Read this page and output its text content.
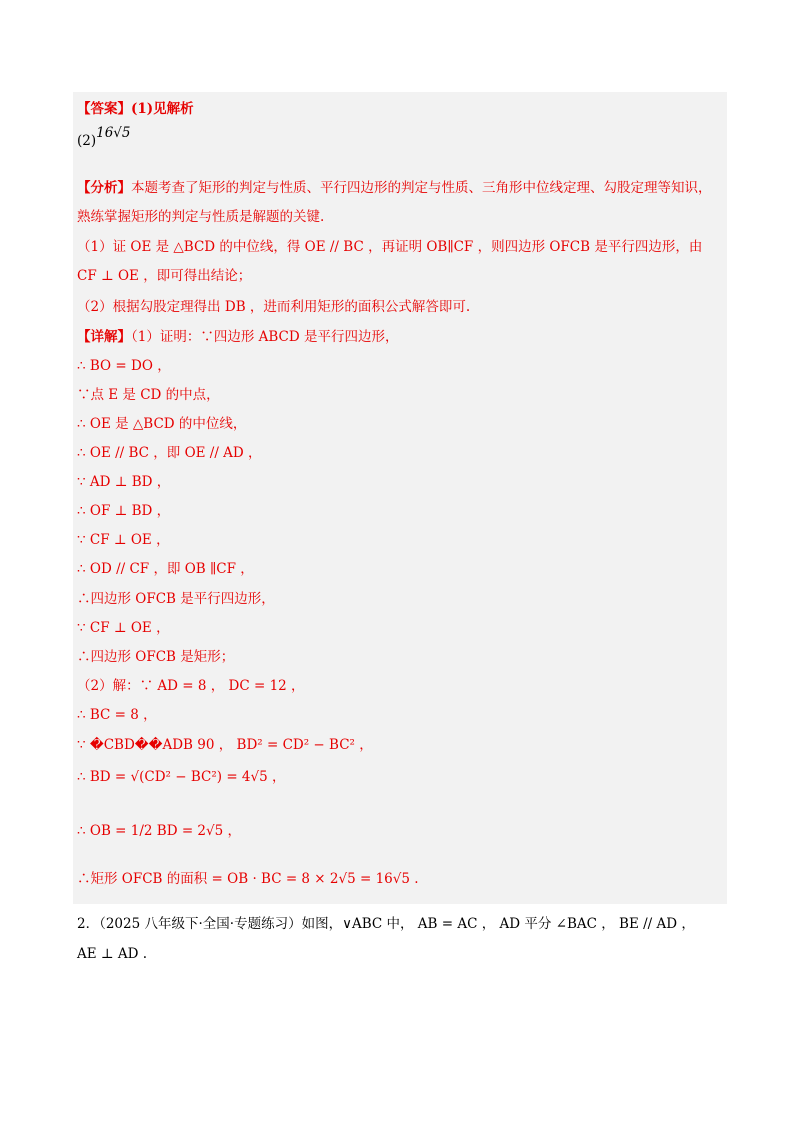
【答案】(1)见解析
(2)16√5
【分析】本题考查了矩形的判定与性质、平行四边形的判定与性质、三角形中位线定理、勾股定理等知识，
熟练掌握矩形的判定与性质是解题的关键.
（1）证 OE 是 △BCD 的中位线，得 OE // BC ，再证明 OB∥CF ，则四边形 OFCB 是平行四边形，由
CF ⊥ OE ，即可得出结论；
（2）根据勾股定理得出 DB ，进而利用矩形的面积公式解答即可.
【详解】（1）证明：∵四边形 ABCD 是平行四边形，
∴ BO = DO ，
∵点 E 是 CD 的中点，
∴ OE 是 △BCD 的中位线，
∴ OE // BC ，即 OE // AD ，
∵ AD ⊥ BD ，
∴ OF ⊥ BD ，
∵ CF ⊥ OE ，
∴ OD // CF ，即 OB ∥CF ，
∴四边形 OFCB 是平行四边形，
∵ CF ⊥ OE ，
∴四边形 OFCB 是矩形；
（2）解：∵ AD = 8 ， DC = 12 ，
∴ BC = 8 ，
∵ �CBD��ADB 90 ， BD² = CD² − BC² ，
∴ BD = √(CD² − BC²) = 4√5 ，
∴ OB = 1/2 BD = 2√5 ，
∴矩形 OFCB 的面积 = OB · BC = 8 × 2√5 = 16√5 .
2．（2025 八年级下·全国·专题练习）如图，∨ABC 中， AB = AC ， AD 平分 ∠BAC ， BE // AD ，
AE ⊥ AD .
